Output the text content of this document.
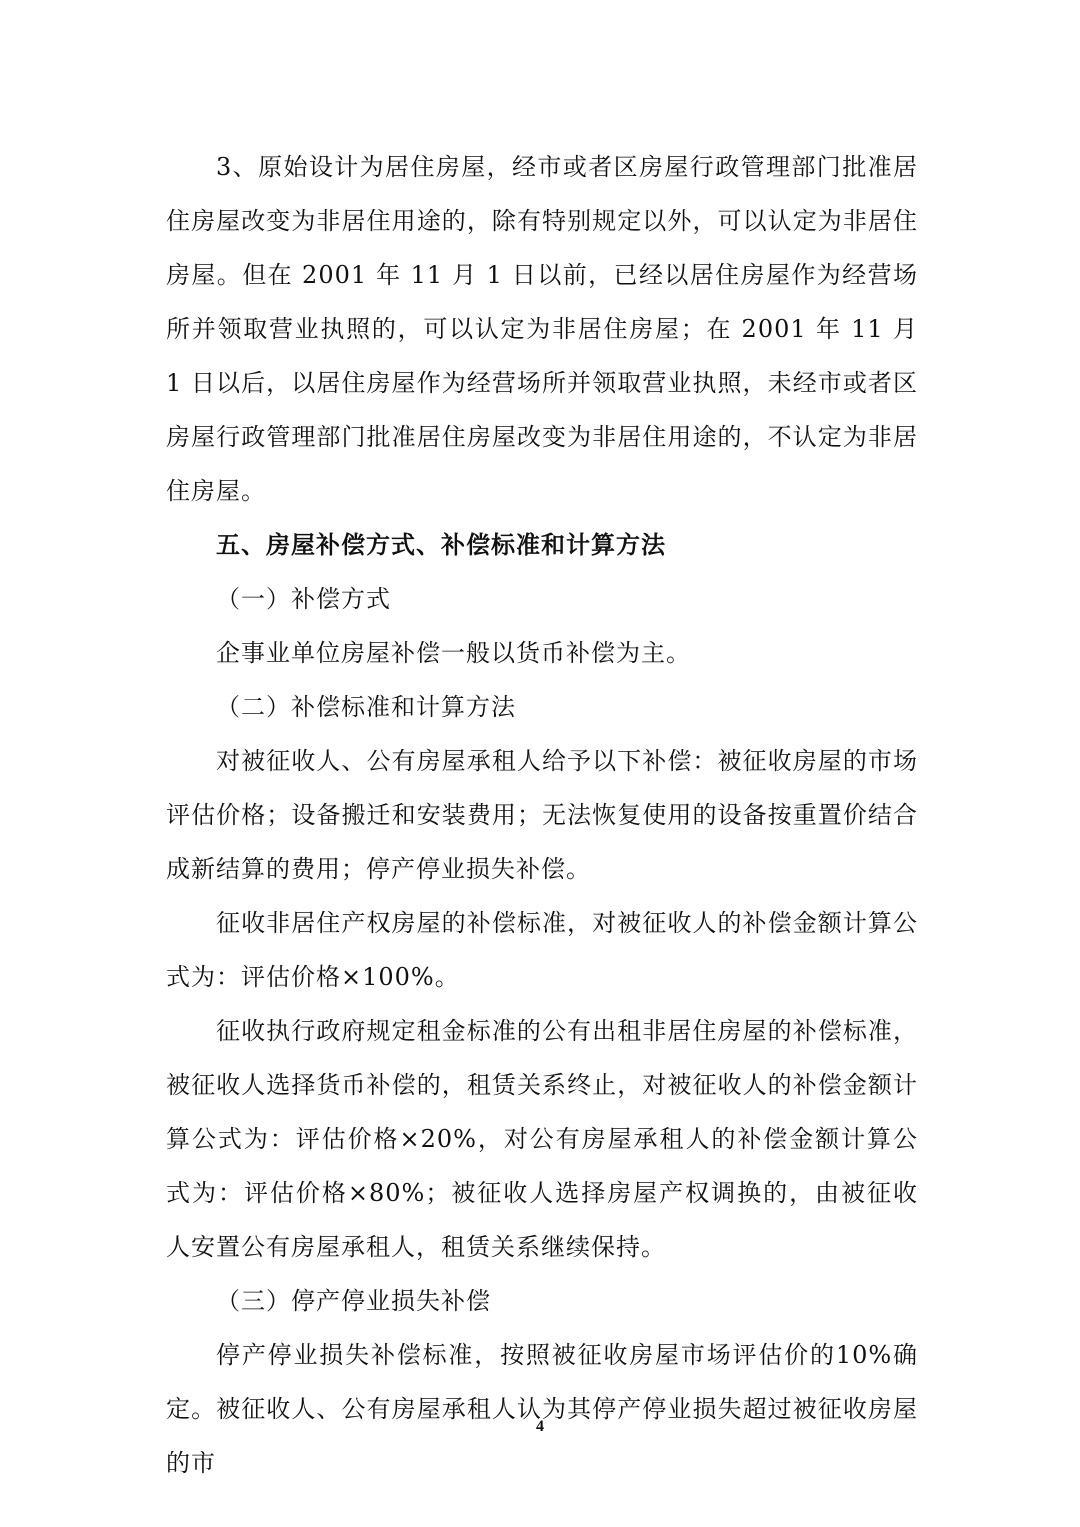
3、原始设计为居住房屋，经市或者区房屋行政管理部门批准居住房屋改变为非居住用途的，除有特别规定以外，可以认定为非居住房屋。但在 2001 年 11 月 1 日以前，已经以居住房屋作为经营场所并领取营业执照的，可以认定为非居住房屋；在 2001 年 11 月 1 日以后，以居住房屋作为经营场所并领取营业执照，未经市或者区房屋行政管理部门批准居住房屋改变为非居住用途的，不认定为非居住房屋。

五、房屋补偿方式、补偿标准和计算方法

（一）补偿方式

企事业单位房屋补偿一般以货币补偿为主。

（二）补偿标准和计算方法

对被征收人、公有房屋承租人给予以下补偿：被征收房屋的市场评估价格；设备搬迁和安装费用；无法恢复使用的设备按重置价结合成新结算的费用；停产停业损失补偿。

征收非居住产权房屋的补偿标准，对被征收人的补偿金额计算公式为：评估价格×100%。

征收执行政府规定租金标准的公有出租非居住房屋的补偿标准，被征收人选择货币补偿的，租赁关系终止，对被征收人的补偿金额计算公式为：评估价格×20%，对公有房屋承租人的补偿金额计算公式为：评估价格×80%；被征收人选择房屋产权调换的，由被征收人安置公有房屋承租人，租赁关系继续保持。

（三）停产停业损失补偿

停产停业损失补偿标准，按照被征收房屋市场评估价的10%确定。被征收人、公有房屋承租人认为其停产停业损失超过被征收房屋的市

4
